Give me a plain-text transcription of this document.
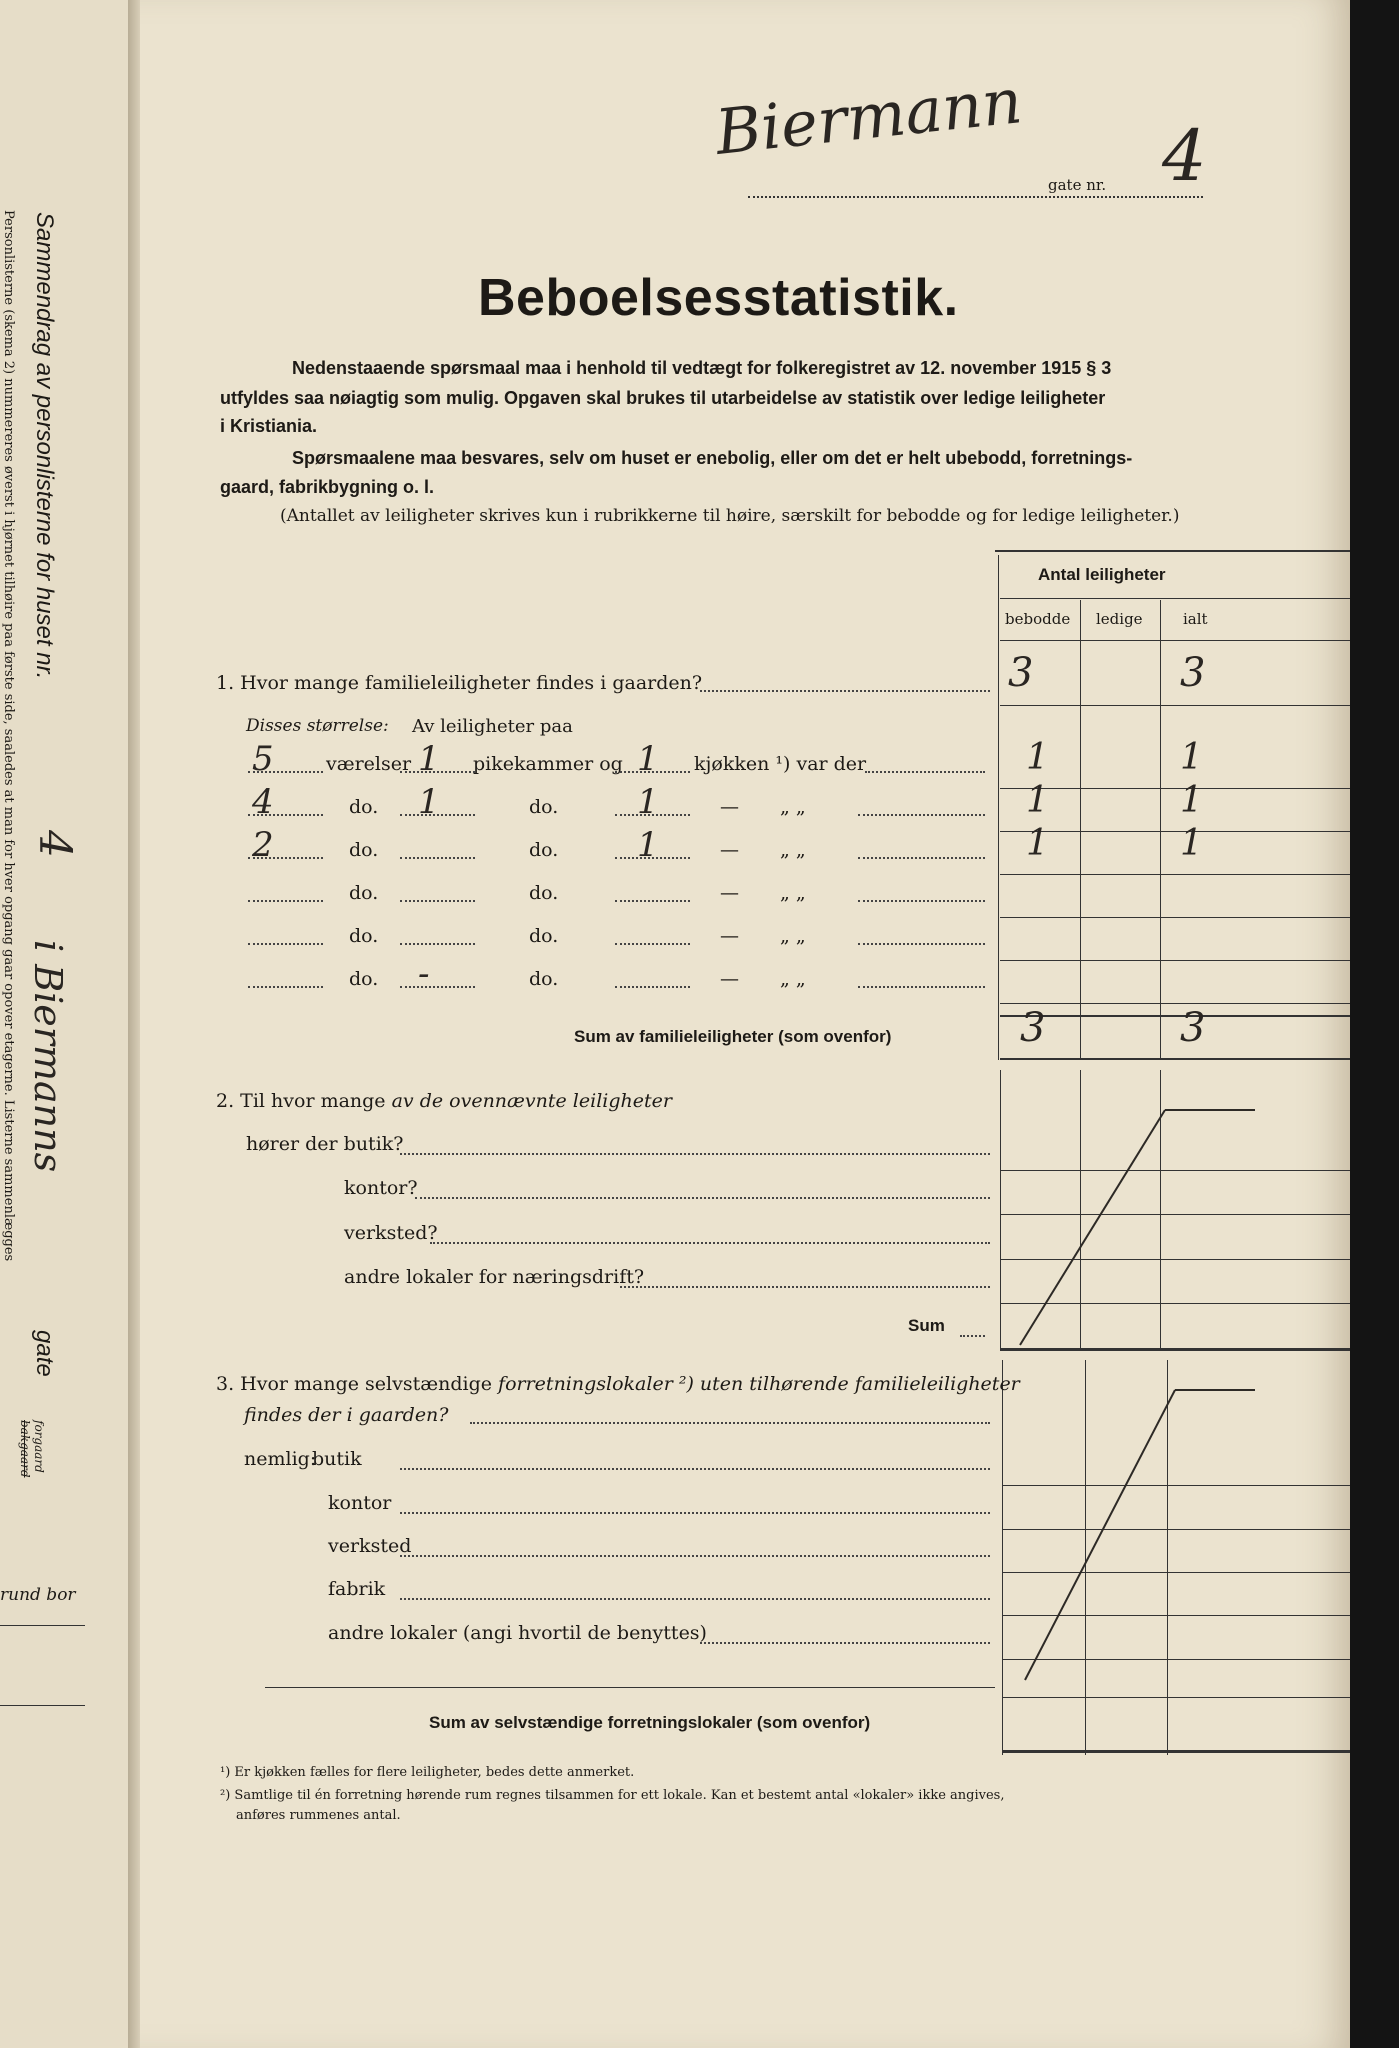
Sammendrag av personlisterne for huset nr.
4
i Biermanns
gate
Personlisterne (skema 2) nummereres øverst i hjørnet tilhøire paa første side, saaledes at man for hver opgang gaar opover etagerne. Listerne sammenlægges
forgaard
bakgaard
rund bor
Biermann
gate nr. 4
Beboelsesstatistik.
Nedenstaaende spørsmaal maa i henhold til vedtægt for folkeregistret av 12. november 1915 § 3
utfyldes saa nøiagtig som mulig. Opgaven skal brukes til utarbeidelse av statistik over ledige leiligheter
i Kristiania.
Spørsmaalene maa besvares, selv om huset er enebolig, eller om det er helt ubebodd, forretnings-
gaard, fabrikbygning o. l.
(Antallet av leiligheter skrives kun i rubrikkerne til høire, særskilt for bebodde og for ledige leiligheter.)
Antal leiligheter
bebodde ledige	ialt
1. Hvor mange familieleiligheter findes i gaarden?	3	3
Disses størrelse: Av leiligheter paa
5	værelser 1 pikekammer og 1 kjøkken ¹) var der	1	1
4	do. 1	do. 1	— „ „	1	1
2	do.	do. 1	— „ „	1	1
do.	do.	— „ „
do.	do.	— „ „
do. -	do.	— „ „
Sum av familieleiligheter (som ovenfor)	3	3
2. Til hvor mange av de ovennævnte leiligheter
hører der butik?
kontor?
verksted?
andre lokaler for næringsdrift?
Sum
3. Hvor mange selvstændige forretningslokaler ²) uten tilhørende familieleiligheter
findes der i gaarden?
nemlig:
butik
kontor
verksted
fabrik
andre lokaler (angi hvortil de benyttes)
Sum av selvstændige forretningslokaler (som ovenfor)
¹) Er kjøkken fælles for flere leiligheter, bedes dette anmerket.
²) Samtlige til én forretning hørende rum regnes tilsammen for ett lokale. Kan et bestemt antal «lokaler» ikke angives,
anføres rummenes antal.
